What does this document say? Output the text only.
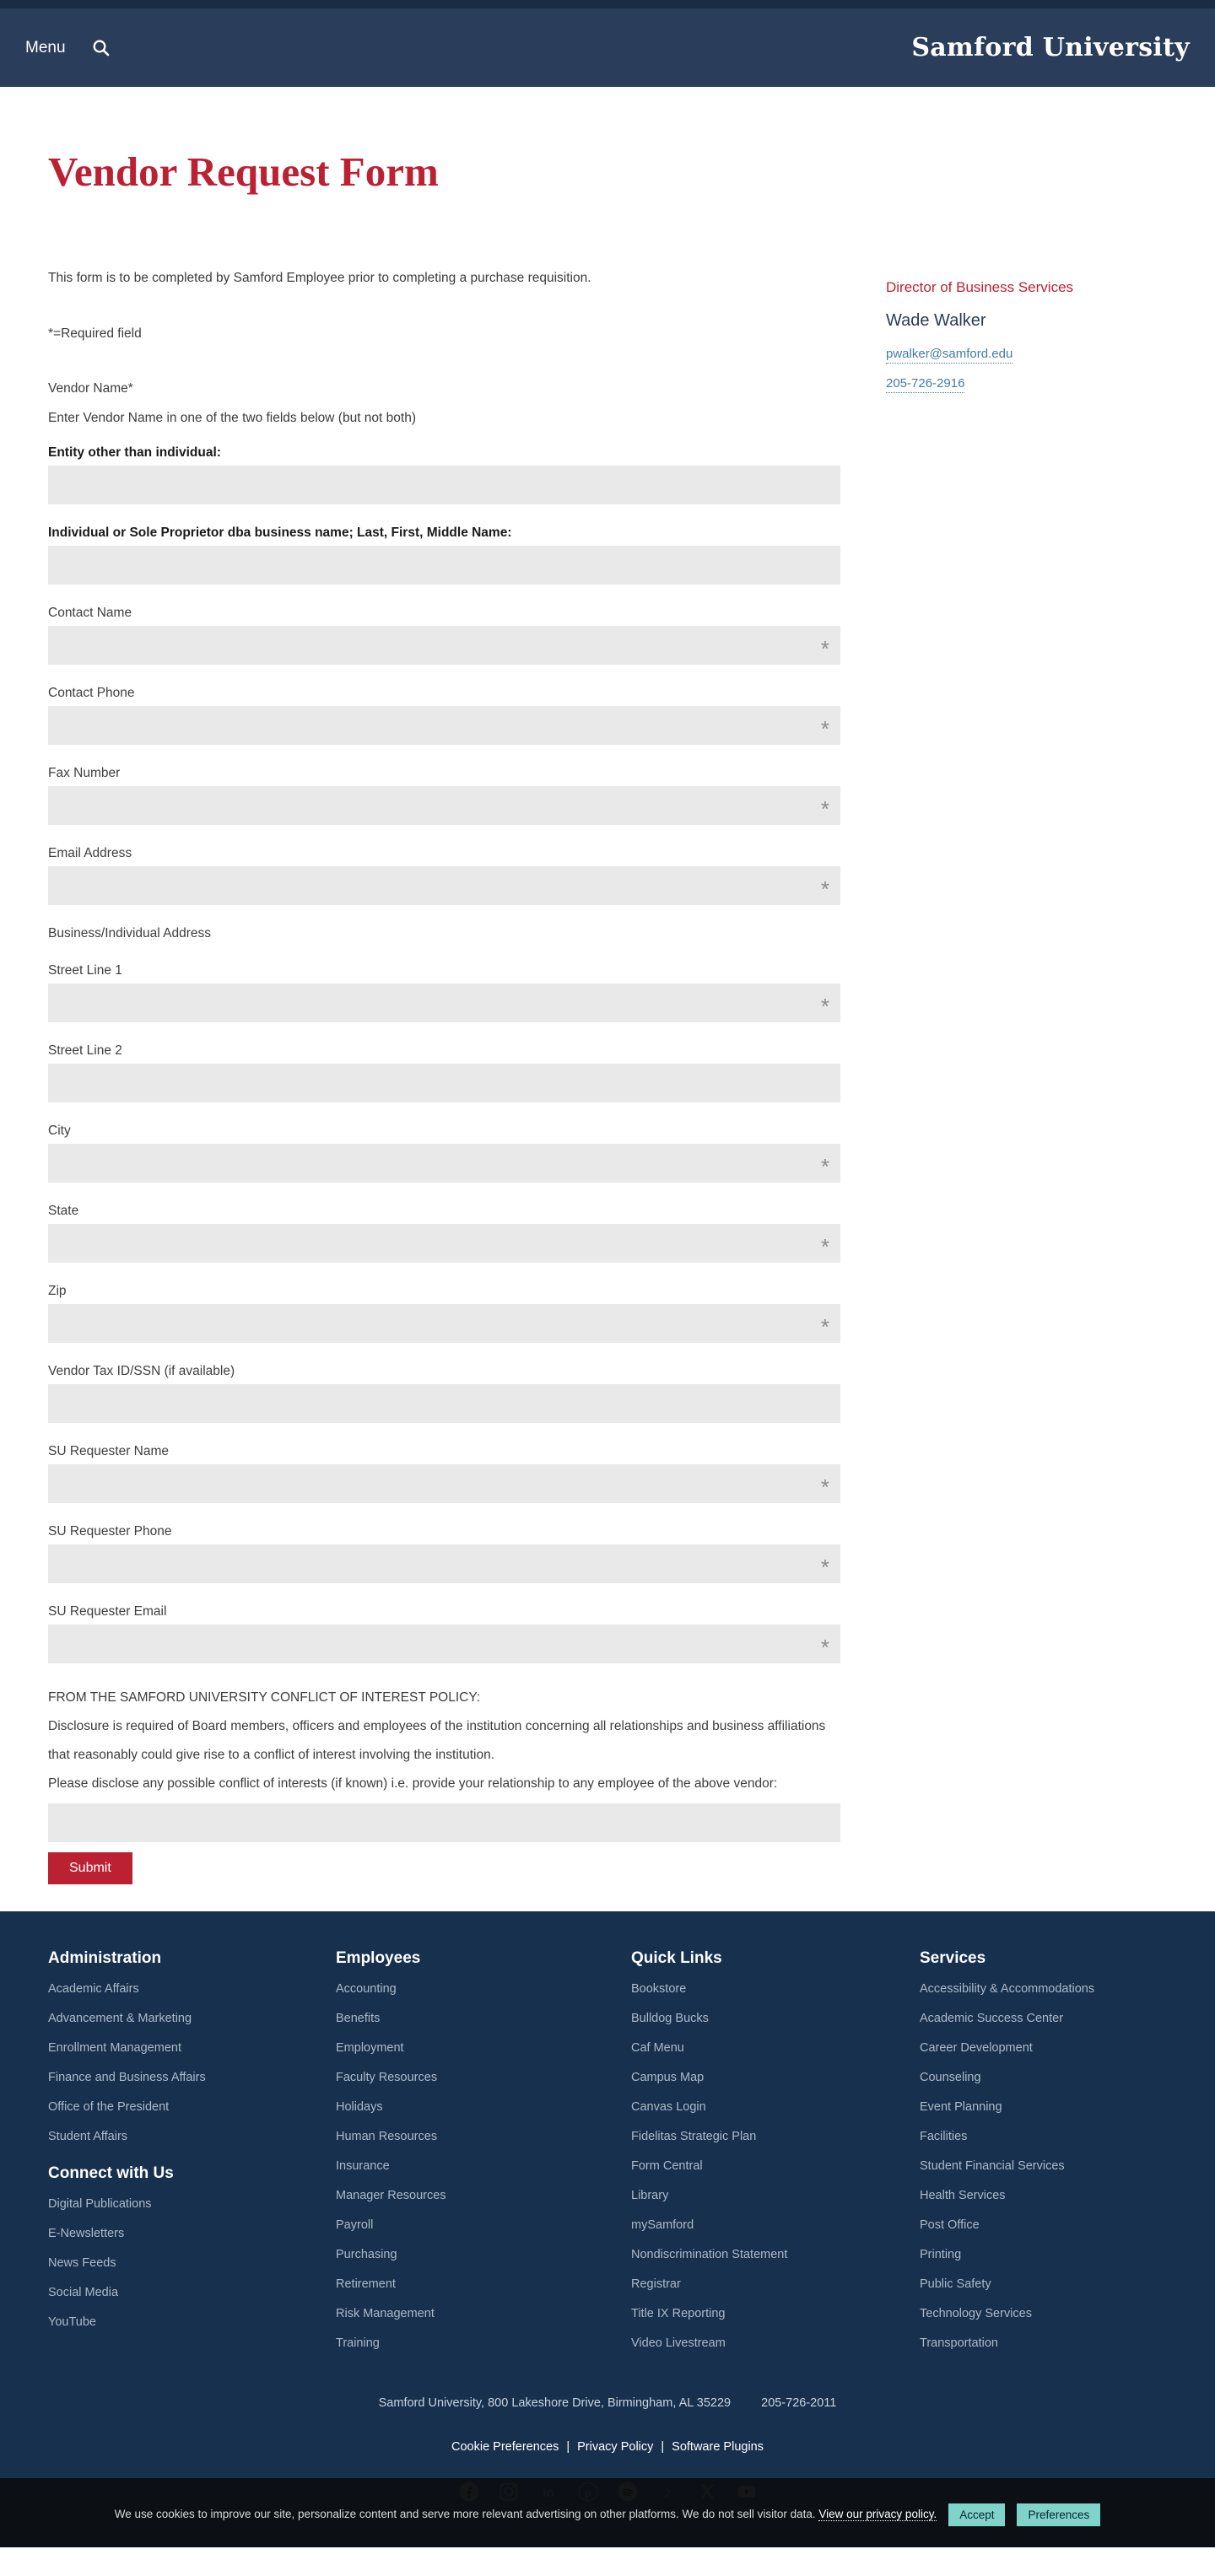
Menu	Samford University
Vendor Request Form

This form is to be completed by Samford Employee prior to completing a purchase requisition.

*=Required field

Vendor Name*

Enter Vendor Name in one of the two fields below (but not both)

Entity other than individual:

Individual or Sole Proprietor dba business name; Last, First, Middle Name:

Contact Name

*

Contact Phone

*

Fax Number

*

Email Address

*

Business/Individual Address

Street Line 1

*

Street Line 2

City

*

State

*

Zip

*

Vendor Tax ID/SSN (if available)

SU Requester Name

*

SU Requester Phone

*

SU Requester Email

*

FROM THE SAMFORD UNIVERSITY CONFLICT OF INTEREST POLICY:

Disclosure is required of Board members, officers and employees of the institution concerning all relationships and business affiliations that reasonably could give rise to a conflict of interest involving the institution.

Please disclose any possible conflict of interests (if known) i.e. provide your relationship to any employee of the above vendor:

Submit
Director of Business Services
Wade Walker
pwalker@samford.edu
205-726-2916
Administration
Academic Affairs
Advancement & Marketing
Enrollment Management
Finance and Business Affairs
Office of the President
Student Affairs
Connect with Us
Digital Publications
E-Newsletters
News Feeds
Social Media
YouTube
Employees
Accounting
Benefits
Employment
Faculty Resources
Holidays
Human Resources
Insurance
Manager Resources
Payroll
Purchasing
Retirement
Risk Management
Training
Quick Links
Bookstore
Bulldog Bucks
Caf Menu
Campus Map
Canvas Login
Fidelitas Strategic Plan
Form Central
Library
mySamford
Nondiscrimination Statement
Registrar
Title IX Reporting
Video Livestream
Services
Accessibility & Accommodations
Academic Success Center
Career Development
Counseling
Event Planning
Facilities
Student Financial Services
Health Services
Post Office
Printing
Public Safety
Technology Services
Transportation
Samford University, 800 Lakeshore Drive, Birmingham, AL 35229 205-726-2011
Cookie Preferences | Privacy Policy | Software Plugins
We use cookies to improve our site, personalize content and serve more relevant advertising on other platforms. We do not sell visitor data. View our privacy policy.	Accept	Preferences
